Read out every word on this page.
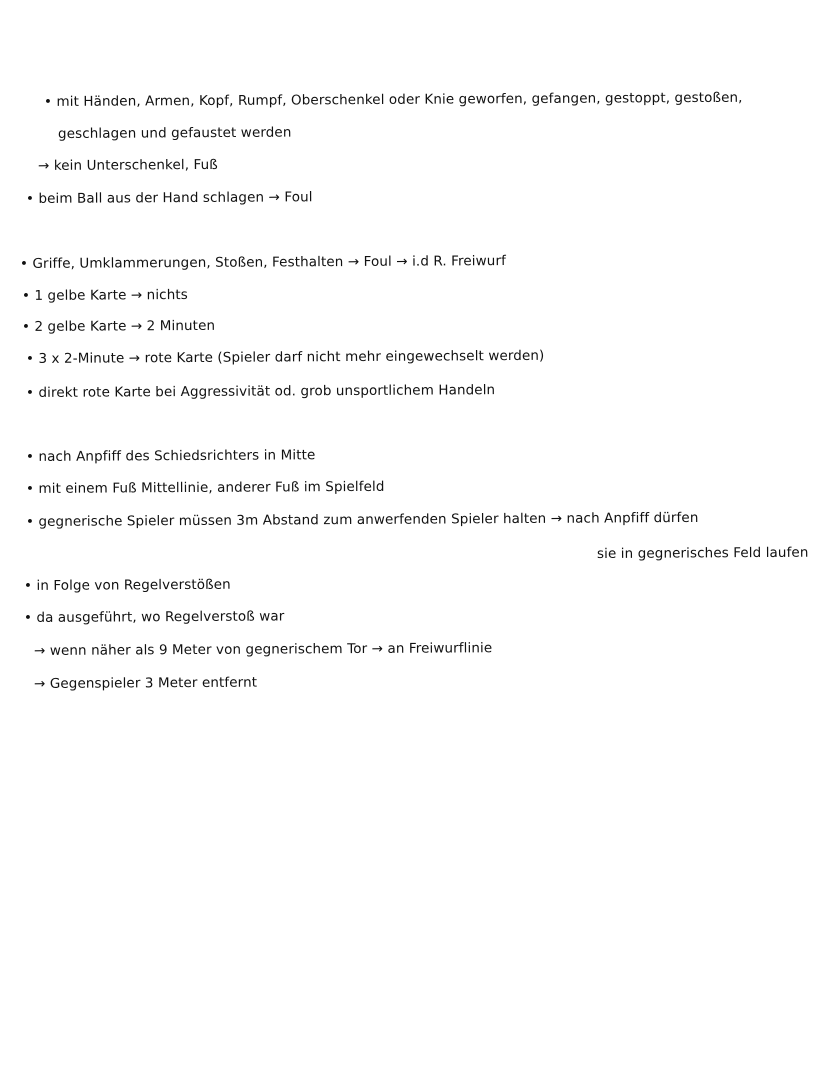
• mit Händen, Armen, Kopf, Rumpf, Oberschenkel oder Knie geworfen, gefangen, gestoppt, gestoßen,
geschlagen und gefaustet werden
→ kein Unterschenkel, Fuß
• beim Ball aus der Hand schlagen → Foul
• Griffe, Umklammerungen, Stoßen, Festhalten → Foul → i.d R. Freiwurf
• 1 gelbe Karte → nichts
• 2 gelbe Karte → 2 Minuten
• 3 x 2-Minute → rote Karte (Spieler darf nicht mehr eingewechselt werden)
• direkt rote Karte bei Aggressivität od. grob unsportlichem Handeln
• nach Anpfiff des Schiedsrichters in Mitte
• mit einem Fuß Mittellinie, anderer Fuß im Spielfeld
• gegnerische Spieler müssen 3m Abstand zum anwerfenden Spieler halten → nach Anpfiff dürfen
sie in gegnerisches Feld laufen
• in Folge von Regelverstößen
• da ausgeführt, wo Regelverstoß war
→ wenn näher als 9 Meter von gegnerischem Tor → an Freiwurflinie
→ Gegenspieler 3 Meter entfernt
